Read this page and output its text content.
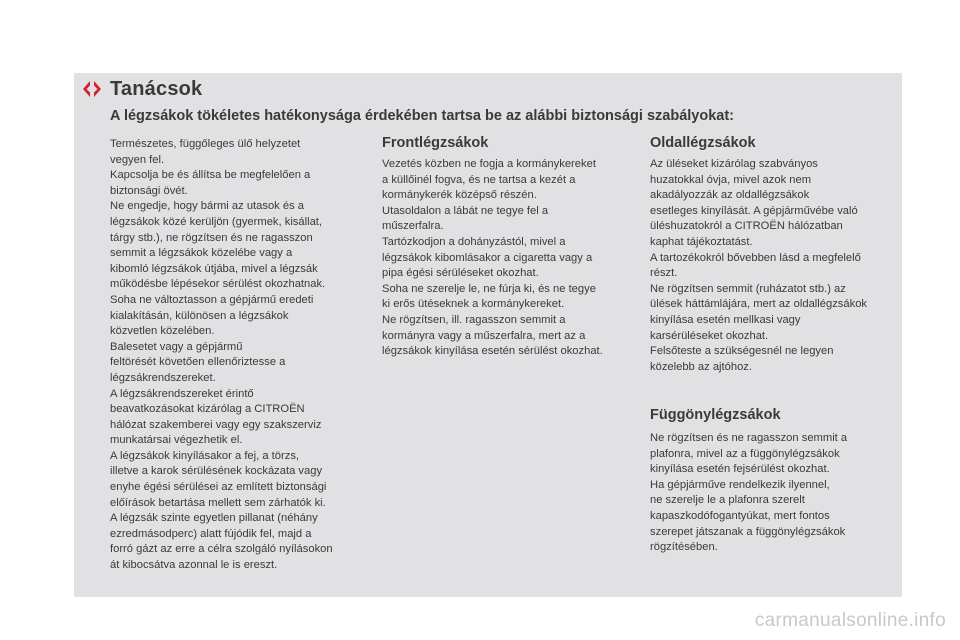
Tanácsok
A légzsákok tökéletes hatékonysága érdekében tartsa be az alábbi biztonsági szabályokat:

Természetes, függőleges ülő helyzetet

vegyen fel.

Kapcsolja be és állítsa be megfelelően a

biztonsági övét.

Ne engedje, hogy bármi az utasok és a

légzsákok közé kerüljön (gyermek, kisállat,

tárgy stb.), ne rögzítsen és ne ragasszon

semmit a légzsákok közelébe vagy a

kibomló légzsákok útjába, mivel a légzsák

működésbe lépésekor sérülést okozhatnak.

Soha ne változtasson a gépjármű eredeti

kialakításán, különösen a légzsákok

közvetlen közelében.

Balesetet vagy a gépjármű

feltörését követően ellenőriztesse a

légzsákrendszereket.

A légzsákrendszereket érintő

beavatkozásokat kizárólag a CITROËN

hálózat szakemberei vagy egy szakszerviz

munkatársai végezhetik el.

A légzsákok kinyílásakor a fej, a törzs,

illetve a karok sérülésének kockázata vagy

enyhe égési sérülései az említett biztonsági

előírások betartása mellett sem zárhatók ki.

A légzsák szinte egyetlen pillanat (néhány

ezredmásodperc) alatt fújódik fel, majd a

forró gázt az erre a célra szolgáló nyílásokon

át kibocsátva azonnal le is ereszt.

Frontlégzsákok

Vezetés közben ne fogja a kormánykereket

a küllőinél fogva, és ne tartsa a kezét a

kormánykerék középső részén.

Utasoldalon a lábát ne tegye fel a

műszerfalra.

Tartózkodjon a dohányzástól, mivel a

légzsákok kibomlásakor a cigaretta vagy a

pipa égési sérüléseket okozhat.

Soha ne szerelje le, ne fúrja ki, és ne tegye

ki erős ütéseknek a kormánykereket.

Ne rögzítsen, ill. ragasszon semmit a

kormányra vagy a műszerfalra, mert az a

légzsákok kinyílása esetén sérülést okozhat.

Oldallégzsákok

Az üléseket kizárólag szabványos

huzatokkal óvja, mivel azok nem

akadályozzák az oldallégzsákok

esetleges kinyílását. A gépjárművébe való

üléshuzatokról a CITROËN hálózatban

kaphat tájékoztatást.

A tartozékokról bővebben lásd a megfelelő

részt.

Ne rögzítsen semmit (ruházatot stb.) az

ülések háttámlájára, mert az oldallégzsákok

kinyílása esetén mellkasi vagy

karsérüléseket okozhat.

Felsőteste a szükségesnél ne legyen

közelebb az ajtóhoz.

Függönylégzsákok

Ne rögzítsen és ne ragasszon semmit a

plafonra, mivel az a függönylégzsákok

kinyílása esetén fejsérülést okozhat.

Ha gépjárműve rendelkezik ilyennel,

ne szerelje le a plafonra szerelt

kapaszkodófogantyúkat, mert fontos

szerepet játszanak a függönylégzsákok

rögzítésében.

carmanualsonline.info
